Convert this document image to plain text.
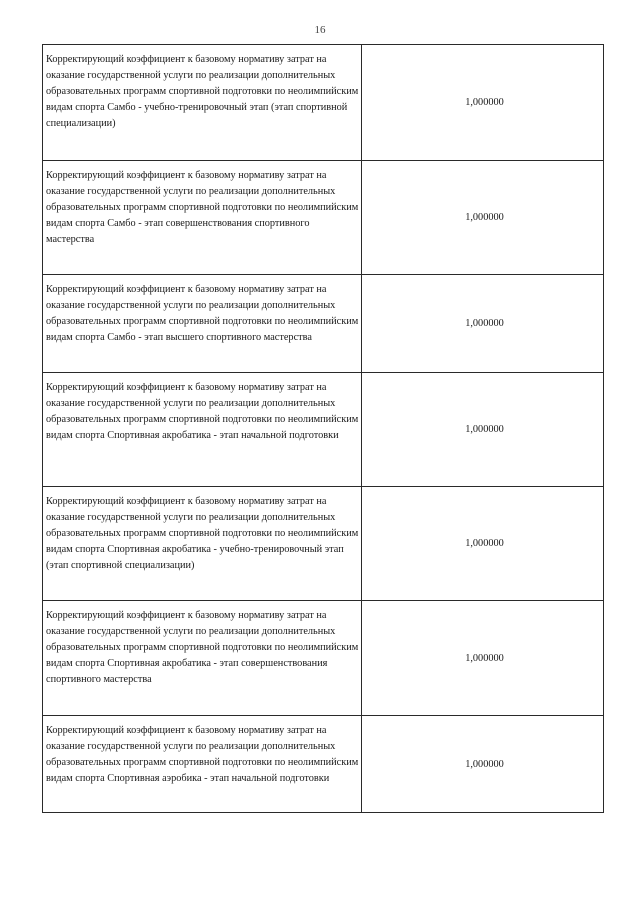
16
Корректирующий коэффициент к базовому нормативу затрат на оказание государственной услуги по реализации дополнительных образовательных программ спортивной подготовки по неолимпийским видам спорта Самбо - учебно-тренировочный этап (этап спортивной специализации)	1,000000
Корректирующий коэффициент к базовому нормативу затрат на оказание государственной услуги по реализации дополнительных образовательных программ спортивной подготовки по неолимпийским видам спорта Самбо - этап совершенствования спортивного мастерства	1,000000
Корректирующий коэффициент к базовому нормативу затрат на оказание государственной услуги по реализации дополнительных образовательных программ спортивной подготовки по неолимпийским видам спорта Самбо - этап высшего спортивного мастерства	1,000000
Корректирующий коэффициент к базовому нормативу затрат на оказание государственной услуги по реализации дополнительных образовательных программ спортивной подготовки по неолимпийским видам спорта Спортивная акробатика - этап начальной подготовки	1,000000
Корректирующий коэффициент к базовому нормативу затрат на оказание государственной услуги по реализации дополнительных образовательных программ спортивной подготовки по неолимпийским видам спорта Спортивная акробатика - учебно-тренировочный этап (этап спортивной специализации)	1,000000
Корректирующий коэффициент к базовому нормативу затрат на оказание государственной услуги по реализации дополнительных образовательных программ спортивной подготовки по неолимпийским видам спорта Спортивная акробатика - этап совершенствования спортивного мастерства	1,000000
Корректирующий коэффициент к базовому нормативу затрат на оказание государственной услуги по реализации дополнительных образовательных программ спортивной подготовки по неолимпийским видам спорта Спортивная аэробика - этап начальной подготовки	1,000000
